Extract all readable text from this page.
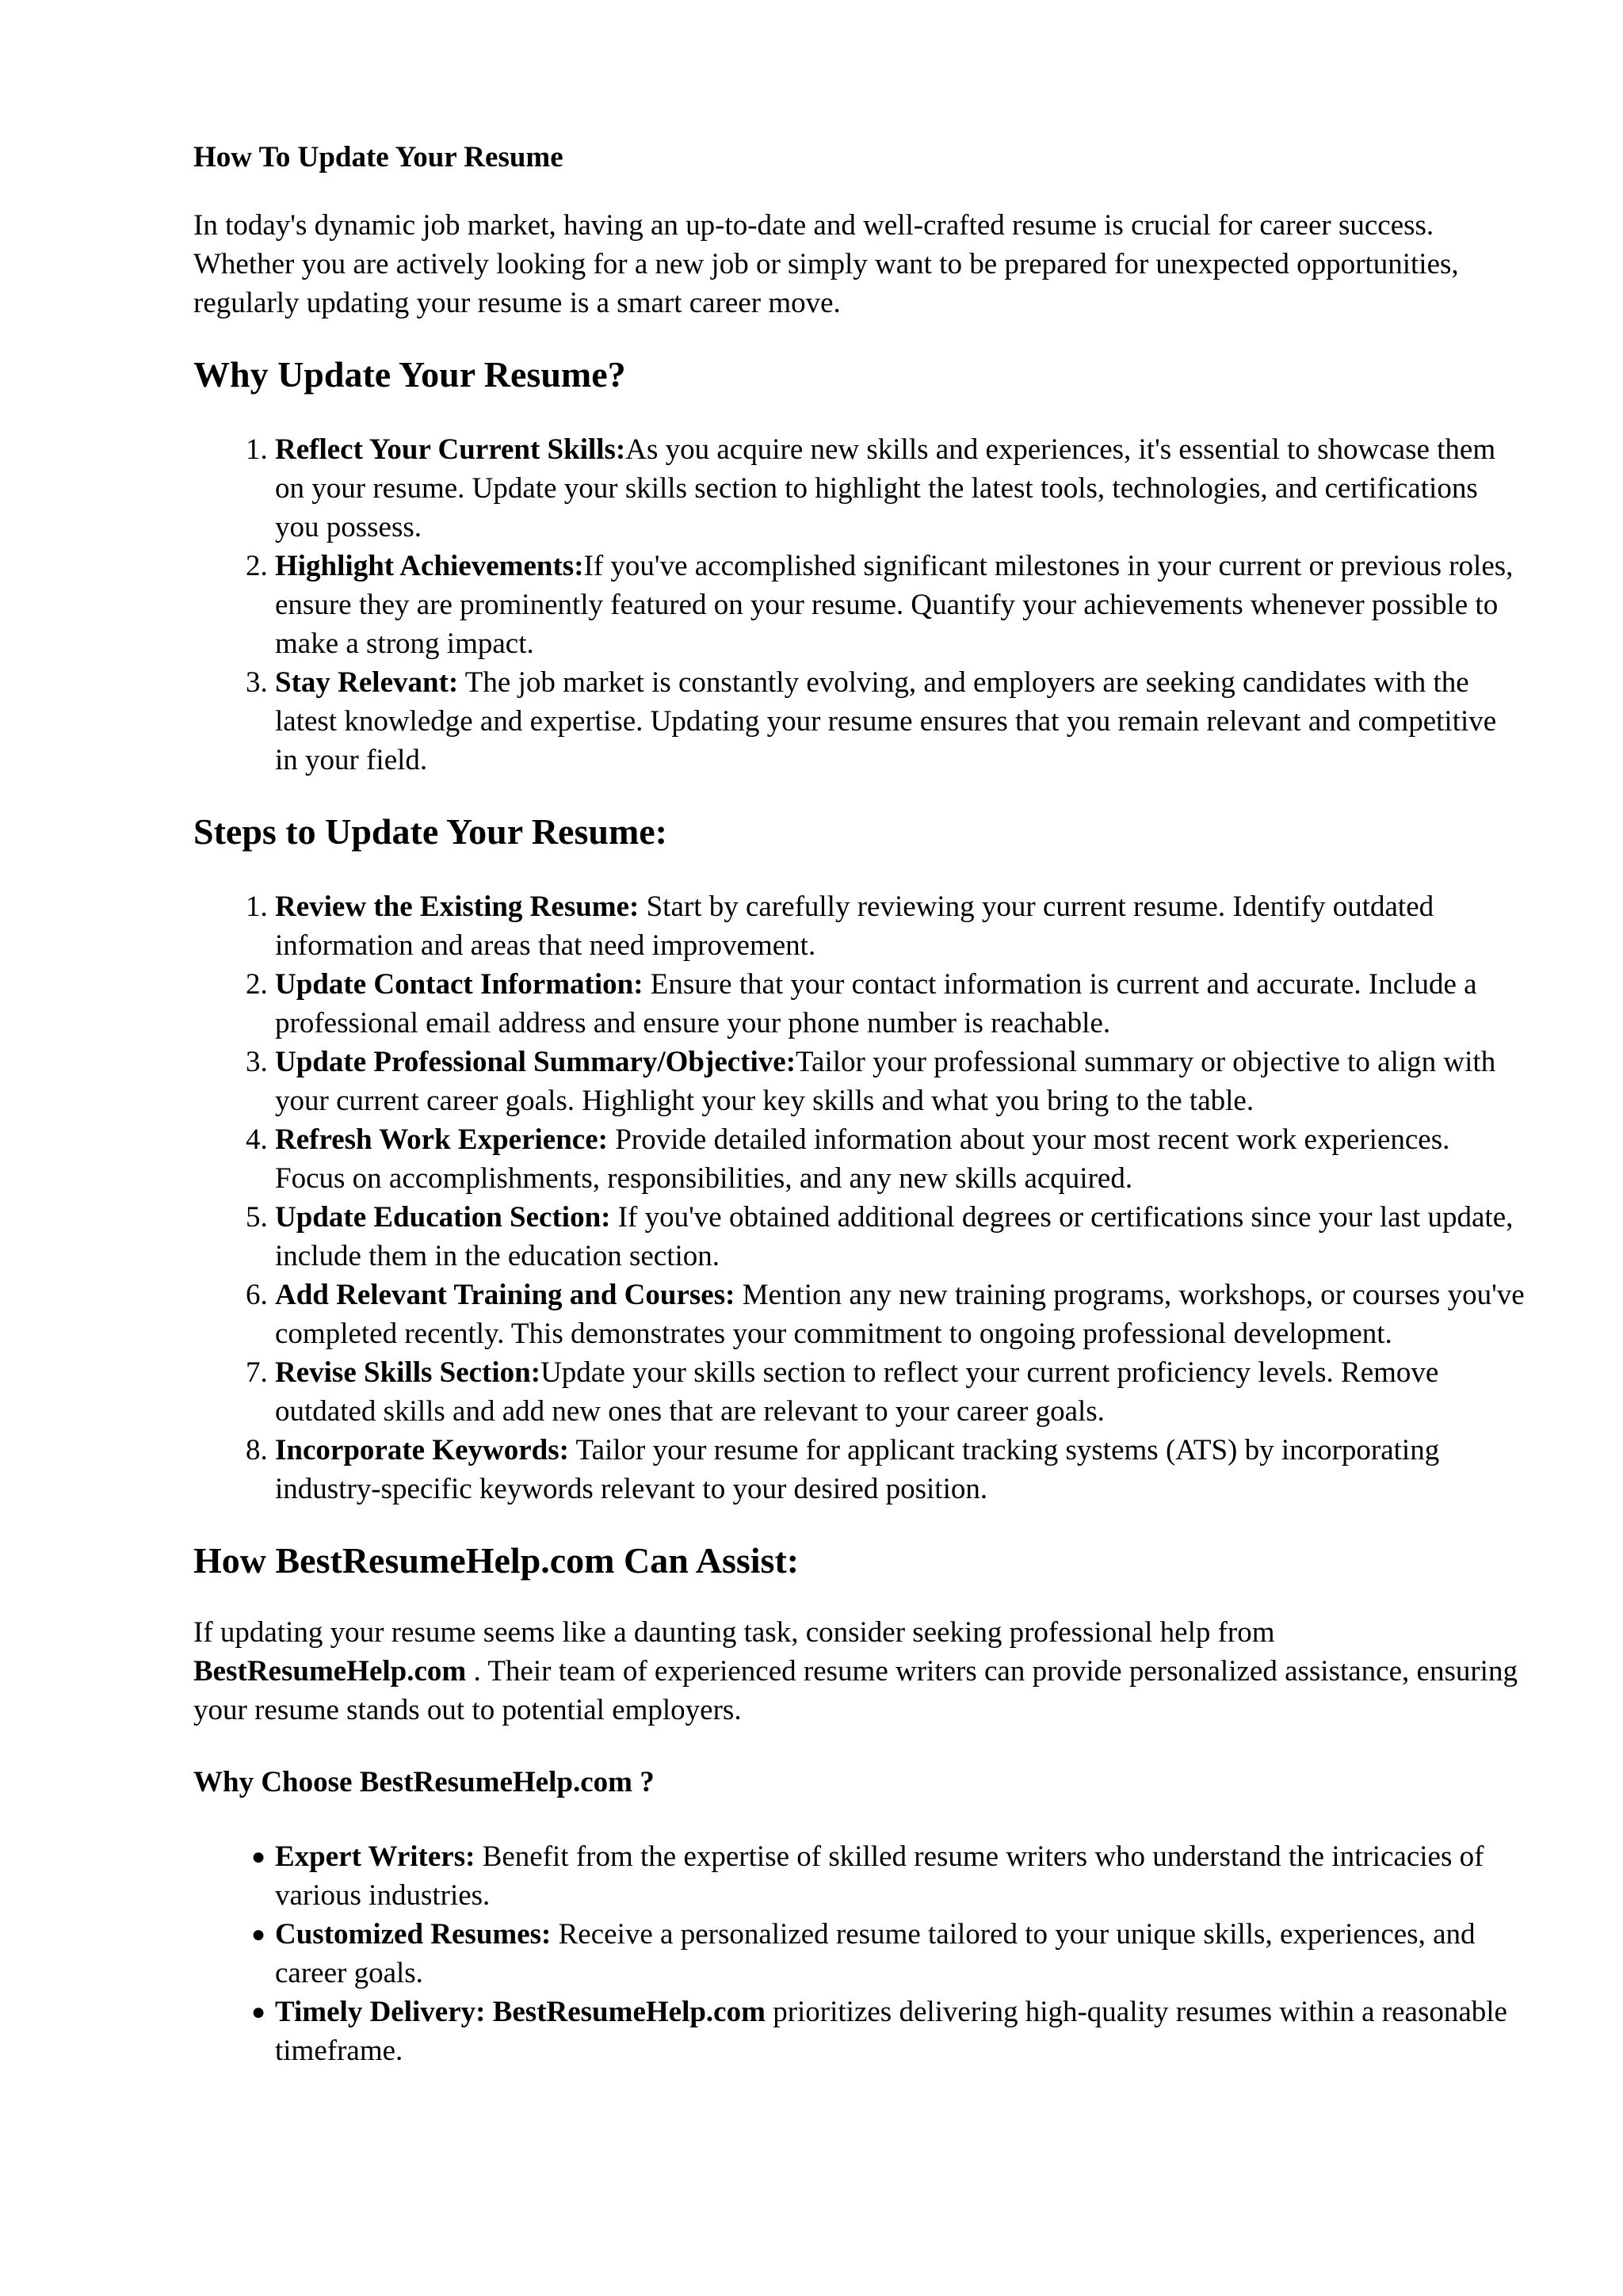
How To Update Your Resume

In today's dynamic job market, having an up-to-date and well-crafted resume is crucial for career success. Whether you are actively looking for a new job or simply want to be prepared for unexpected opportunities, regularly updating your resume is a smart career move.

Why Update Your Resume?
1. Reflect Your Current Skills:As you acquire new skills and experiences, it's essential to showcase them on your resume. Update your skills section to highlight the latest tools, technologies, and certifications you possess.
2. Highlight Achievements:If you've accomplished significant milestones in your current or previous roles, ensure they are prominently featured on your resume. Quantify your achievements whenever possible to make a strong impact.
3. Stay Relevant: The job market is constantly evolving, and employers are seeking candidates with the latest knowledge and expertise. Updating your resume ensures that you remain relevant and competitive in your field.
Steps to Update Your Resume:
1. Review the Existing Resume: Start by carefully reviewing your current resume. Identify outdated information and areas that need improvement.
2. Update Contact Information: Ensure that your contact information is current and accurate. Include a professional email address and ensure your phone number is reachable.
3. Update Professional Summary/Objective:Tailor your professional summary or objective to align with your current career goals. Highlight your key skills and what you bring to the table.
4. Refresh Work Experience: Provide detailed information about your most recent work experiences. Focus on accomplishments, responsibilities, and any new skills acquired.
5. Update Education Section: If you've obtained additional degrees or certifications since your last update, include them in the education section.
6. Add Relevant Training and Courses: Mention any new training programs, workshops, or courses you've completed recently. This demonstrates your commitment to ongoing professional development.
7. Revise Skills Section:Update your skills section to reflect your current proficiency levels. Remove outdated skills and add new ones that are relevant to your career goals.
8. Incorporate Keywords: Tailor your resume for applicant tracking systems (ATS) by incorporating industry-specific keywords relevant to your desired position.
How BestResumeHelp.com Can Assist:

If updating your resume seems like a daunting task, consider seeking professional help from BestResumeHelp.com . Their team of experienced resume writers can provide personalized assistance, ensuring your resume stands out to potential employers.

Why Choose BestResumeHelp.com ?
● Expert Writers: Benefit from the expertise of skilled resume writers who understand the intricacies of various industries.
● Customized Resumes: Receive a personalized resume tailored to your unique skills, experiences, and career goals.
● Timely Delivery: BestResumeHelp.com prioritizes delivering high-quality resumes within a reasonable timeframe.
